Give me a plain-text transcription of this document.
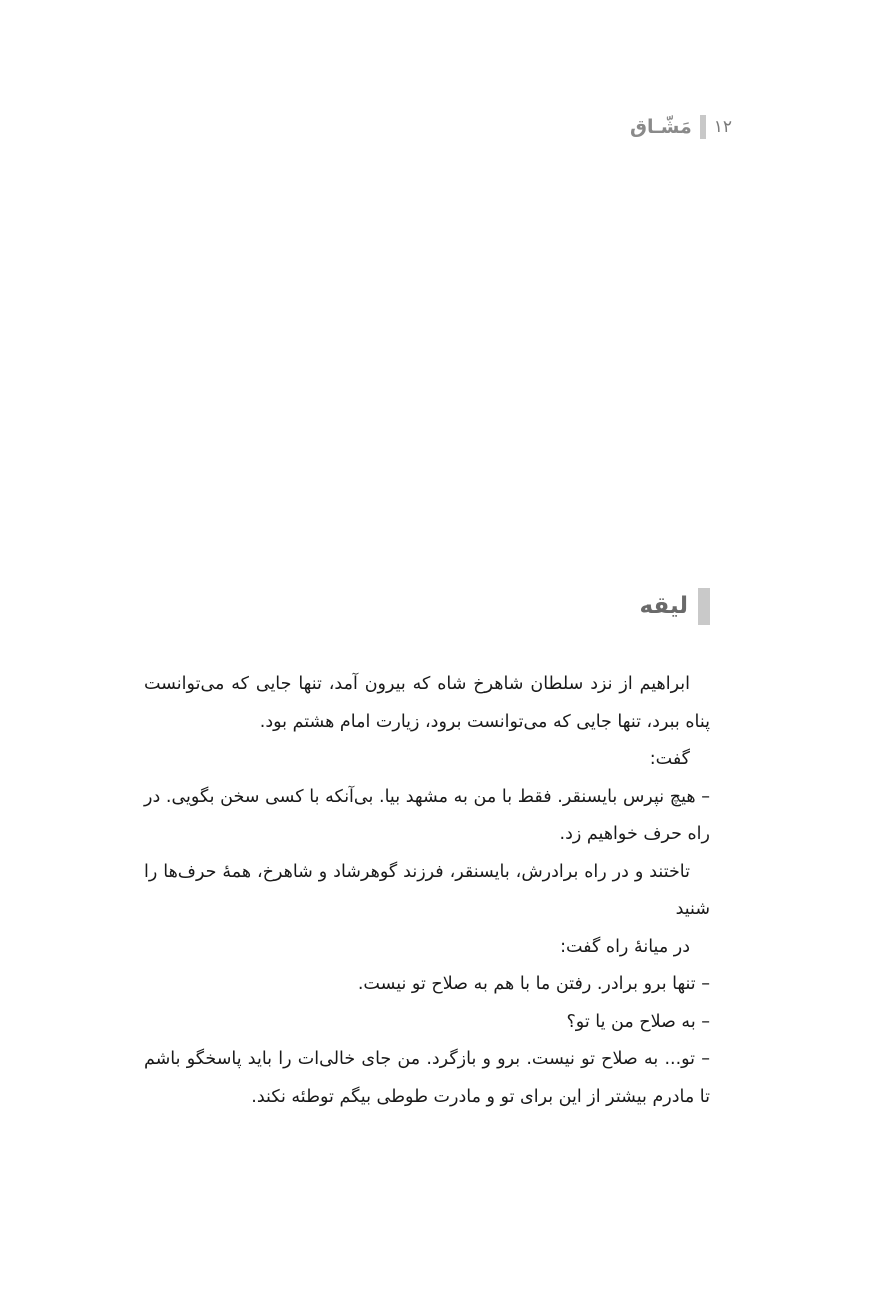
۱۲
مَشّـاق
لیقه

ابراهیم از نزد سلطان شاهرخ شاه که بیرون آمد، تنها جایی که می‌توانست پناه ببرد، تنها جایی که می‌توانست برود، زیارت امام هشتم بود.

گفت:

– هیچ نپرس بایسنقر. فقط با من به مشهد بیا. بی‌آنکه با کسی سخن بگویی. در راه حرف خواهیم زد.

تاختند و در راه برادرش، بایسنقر، فرزند گوهرشاد و شاهرخ، همهٔ حرف‌ها را شنید

در میانهٔ راه گفت:

– تنها برو برادر. رفتن ما با هم به صلاح تو نیست.

– به صلاح من یا تو؟

– تو... به صلاح تو نیست. برو و بازگرد. من جای خالی‌ات را باید پاسخگو باشم تا مادرم بیشتر از این برای تو و مادرت طوطی بیگم توطئه نکند.
